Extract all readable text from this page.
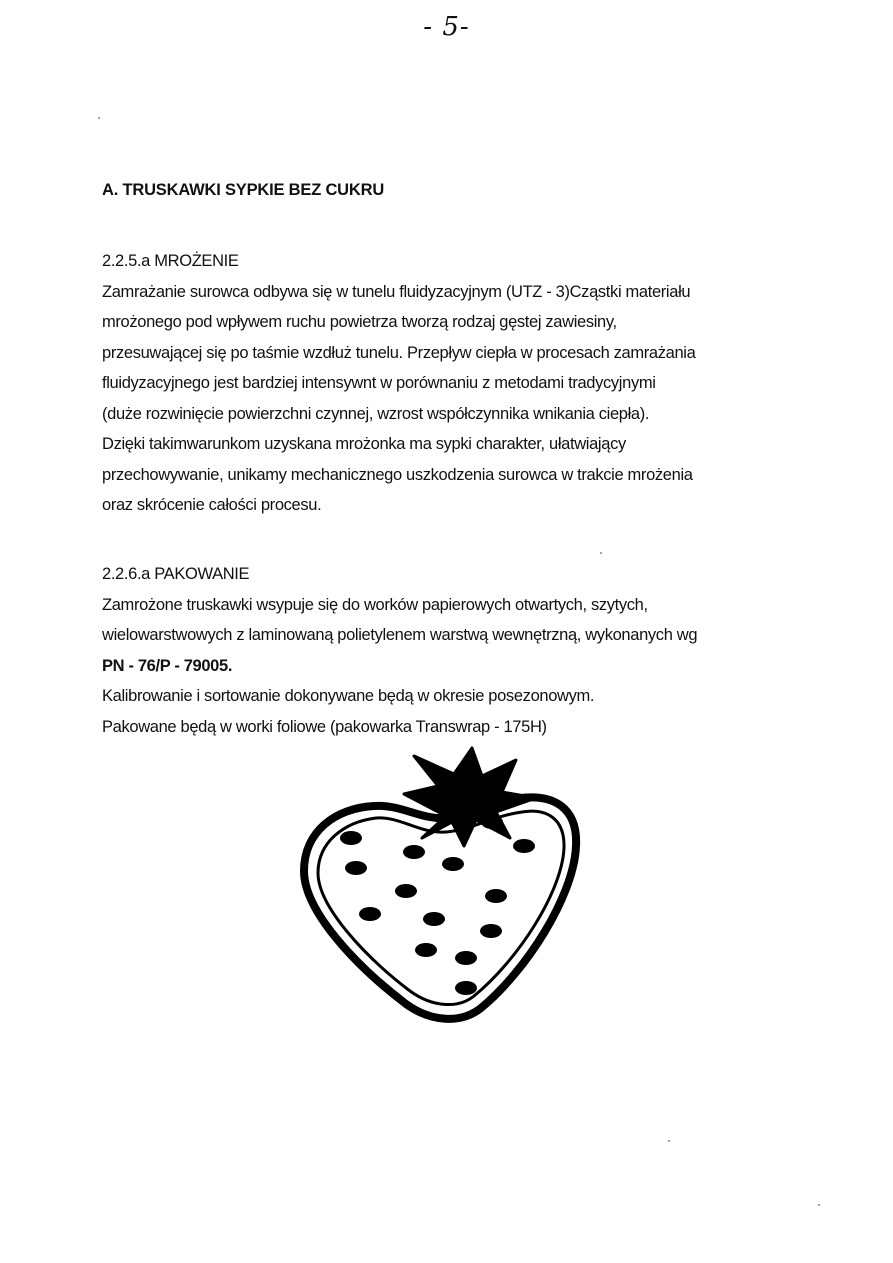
- 5-
A. TRUSKAWKI SYPKIE BEZ CUKRU
2.2.5.a MROŻENIE
Zamrażanie surowca odbywa się w tunelu fluidyzacyjnym (UTZ - 3)Cząstki materiału
mrożonego pod wpływem ruchu powietrza tworzą rodzaj gęstej zawiesiny,
przesuwającej się po taśmie wzdłuż tunelu. Przepływ ciepła w procesach zamrażania
fluidyzacyjnego jest bardziej intensywnt w porównaniu z metodami tradycyjnymi
(duże rozwinięcie powierzchni czynnej, wzrost współczynnika wnikania ciepła).
Dzięki takimwarunkom uzyskana mrożonka ma sypki charakter, ułatwiający
przechowywanie, unikamy mechanicznego uszkodzenia surowca w trakcie mrożenia
oraz skrócenie całości procesu.
2.2.6.a PAKOWANIE
Zamrożone truskawki wsypuje się do worków papierowych otwartych, szytych,
wielowarstwowych z laminowaną polietylenem warstwą wewnętrzną, wykonanych wg
PN - 76/P - 79005.
Kalibrowanie i sortowanie dokonywane będą w okresie posezonowym.
Pakowane będą w worki foliowe (pakowarka Transwrap - 175H)
